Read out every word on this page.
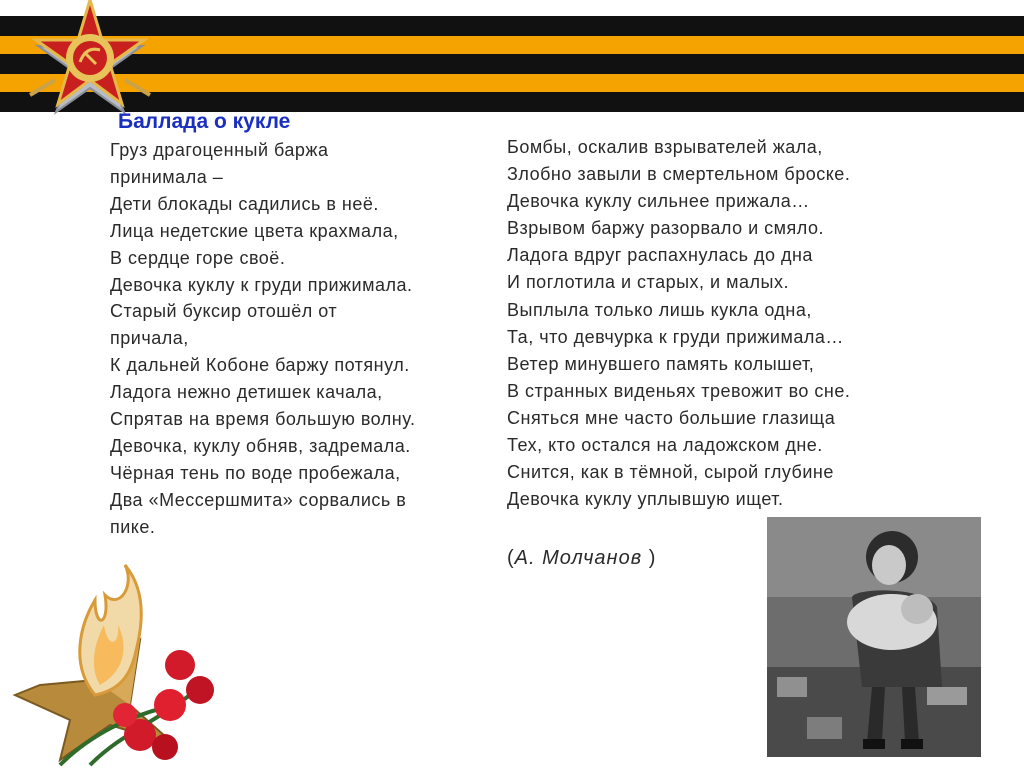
Баллада о кукле
Груз драгоценный баржа
принимала –
Дети блокады садились в неё.
Лица недетские цвета крахмала,
В сердце горе своё.
Девочка куклу к груди прижимала.
Старый буксир отошёл от
причала,
К дальней Кобоне баржу потянул.
Ладога нежно детишек качала,
Спрятав на время большую волну.
Девочка, куклу обняв, задремала.
Чёрная тень по воде пробежала,
Два «Мессершмита» сорвались в
пике.
Бомбы, оскалив взрывателей жала,
Злобно завыли в смертельном броске.
Девочка куклу сильнее прижала…
Взрывом баржу разорвало и смяло.
Ладога вдруг распахнулась до дна
И поглотила и старых, и малых.
Выплыла только лишь кукла одна,
Та, что девчурка к груди прижимала…
Ветер минувшего память колышет,
В странных виденьях тревожит во сне.
Сняться мне часто большие глазища
Тех, кто остался на ладожском дне.
Снится, как в тёмной, сырой глубине
Девочка куклу уплывшую ищет.
(А. Молчанов )
